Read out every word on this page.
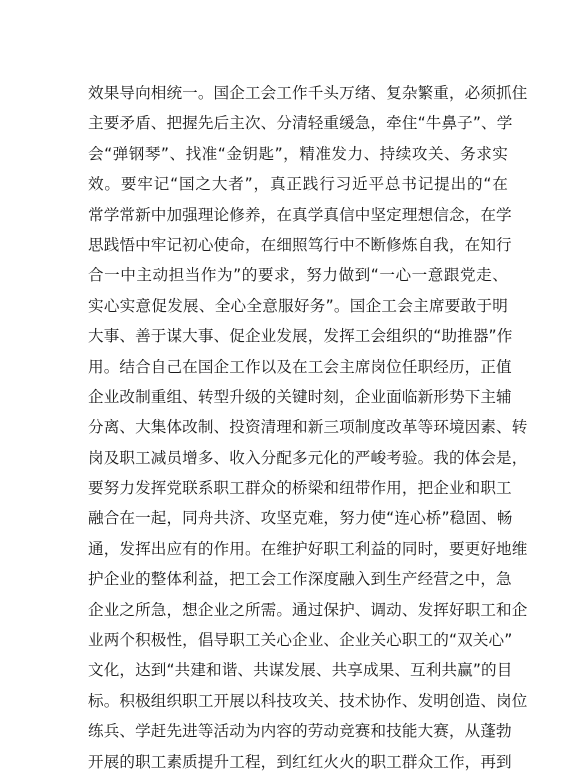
效果导向相统一。国企工会工作千头万绪、复杂繁重，必须抓住
主要矛盾、把握先后主次、分清轻重缓急，牵住“牛鼻子”、学
会“弹钢琴”、找准“金钥匙”，精准发力、持续攻关、务求实
效。要牢记“国之大者”，真正践行习近平总书记提出的“在
常学常新中加强理论修养，在真学真信中坚定理想信念，在学
思践悟中牢记初心使命，在细照笃行中不断修炼自我，在知行
合一中主动担当作为”的要求，努力做到“一心一意跟党走、
实心实意促发展、全心全意服好务”。国企工会主席要敢于明
大事、善于谋大事、促企业发展，发挥工会组织的“助推器”作
用。结合自己在国企工作以及在工会主席岗位任职经历，正值
企业改制重组、转型升级的关键时刻，企业面临新形势下主辅
分离、大集体改制、投资清理和新三项制度改革等环境因素、转
岗及职工减员增多、收入分配多元化的严峻考验。我的体会是，
要努力发挥党联系职工群众的桥梁和纽带作用，把企业和职工
融合在一起，同舟共济、攻坚克难，努力使“连心桥”稳固、畅
通，发挥出应有的作用。在维护好职工利益的同时，要更好地维
护企业的整体利益，把工会工作深度融入到生产经营之中，急
企业之所急，想企业之所需。通过保护、调动、发挥好职工和企
业两个积极性，倡导职工关心企业、企业关心职工的“双关心”
文化，达到“共建和谐、共谋发展、共享成果、互利共赢”的目
标。积极组织职工开展以科技攻关、技术协作、发明创造、岗位
练兵、学赶先进等活动为内容的劳动竞赛和技能大赛，从蓬勃
开展的职工素质提升工程，到红红火火的职工群众工作，再到
